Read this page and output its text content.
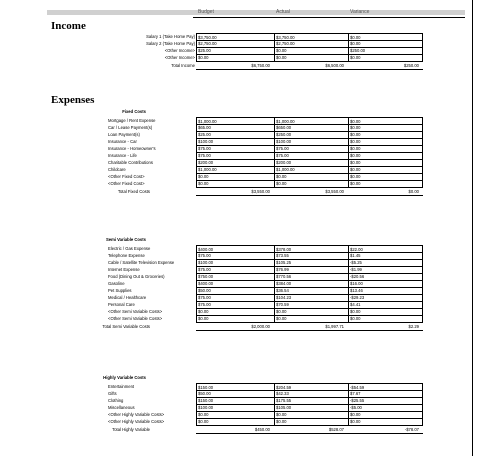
Budget	Actual	Variance
Income
Expenses
Salary 1 (Take Home Pay) $3,750.00	$3,750.00	$0.00
Salary 2 (Take Home Pay) $2,750.00	$2,750.00	$0.00
<Other Income> $25.00	$0.00	$250.00
<Other Income> $0.00	$0.00	$0.00
Total Income	$6,750.00	$6,500.00	$250.00
Fixed Costs
Mortgage / Rent Expense	$1,000.00	$1,000.00	$0.00
Car / Lease Payment(s)	$65.00	$650.00	$0.00
Loan Payment(s)	$25.00	$250.00	$0.00
Insurance - Car	$100.00	$100.00	$0.00
Insurance - Homeowner's	$75.00	$75.00	$0.00
Insurance - Life	$75.00	$75.00	$0.00
Charitable Contributions	$200.00	$200.00	$0.00
Childcare	$1,000.00	$1,000.00	$0.00
<Other Fixed Cost>	$0.00	$0.00	$0.00
<Other Fixed Cost>	$0.00	$0.00	$0.00
Total Fixed Costs	$3,550.00	$3,550.00	$0.00
Semi Variable Costs
Electric / Gas Expense	$400.00	$378.00	$22.00
Telephone Expense	$75.00	$73.55	$1.45
Cable / Satellite Television Expense	$100.00	$105.25	-$5.25
Internet Expense	$75.00	$76.99	-$1.99
Food (Dining Out & Groceries)	$750.00	$770.56	-$20.56
Gasoline	$400.00	$384.00	$16.00
Pet Supplies	$50.00	$36.54	$13.46
Medical / Healthcare	$75.00	$104.23	-$29.23
Personal Care	$75.00	$70.59	$4.41
<Other Semi Variable Costs>	$0.00	$0.00	$0.00
<Other Semi Variable Costs>	$0.00	$0.00	$0.00
Total Semi Variable Costs	$2,000.00	$1,997.71	$2.29
Highly Variable Costs
Entertainment	$150.00	$204.59	-$54.59
Gifts	$50.00	$42.33	$7.67
Clothing	$150.00	$175.55	-$25.55
Miscellaneous	$100.00	$105.00	-$5.00
<Other Highly Variable Costs>	$0.00	$0.00	$0.00
<Other Highly Variable Costs>	$0.00	$0.00	$0.00
Total Highly Variable	$450.00	$528.07	-$78.07
